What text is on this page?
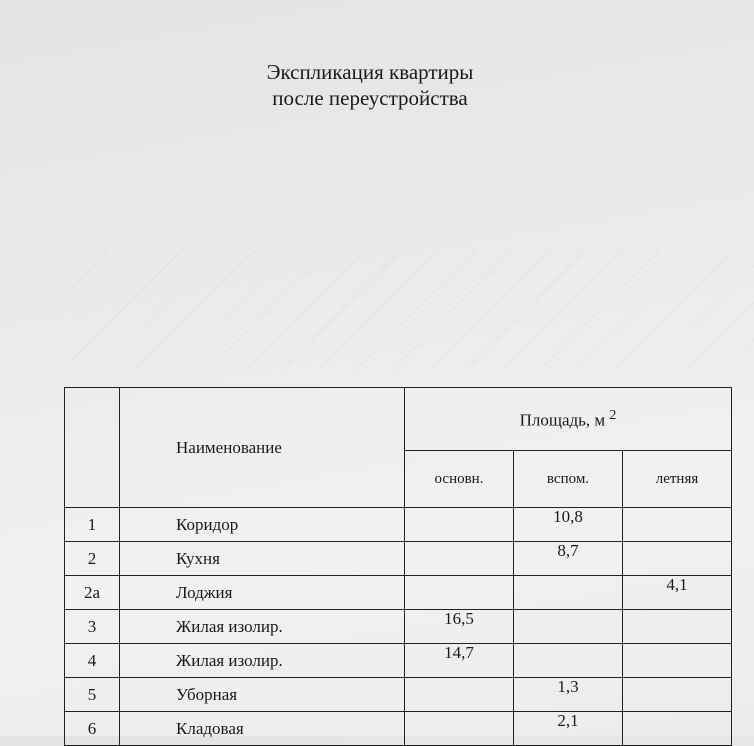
Экспликация квартиры
после переустройства
	Наименование	Площадь, м $^2$
		основн.	вспом.	летняя
1	Коридор		10,8	
2	Кухня		8,7	
2а	Лоджия			4,1
3	Жилая изолир.	16,5		
4	Жилая изолир.	14,7		
5	Уборная		1,3	
6	Кладовая		2,1	
